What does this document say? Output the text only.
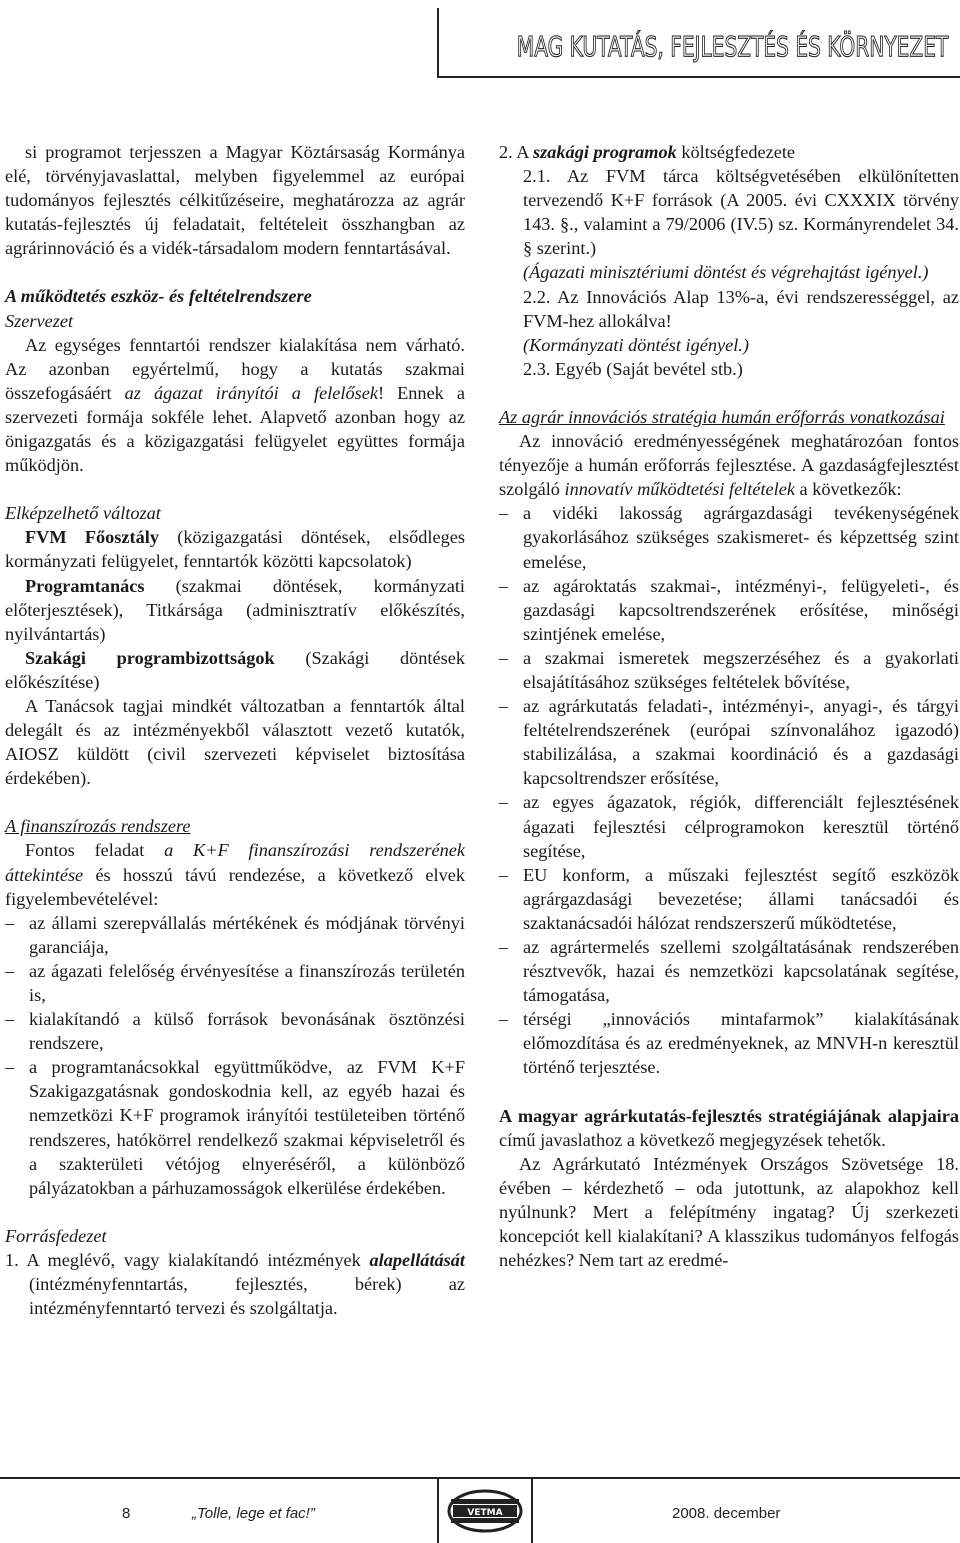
MAG KUTATÁS, FEJLESZTÉS ÉS KÖRNYEZET

si programot terjesszen a Magyar Köztársaság Kormánya elé, törvényjavaslattal, melyben figyelemmel az európai tudományos fejlesztés célkitűzéseire, meghatározza az agrár kutatás-fejlesztés új feladatait, feltételeit összhangban az agrárinnováció és a vidék-társadalom modern fenntartásával.

A működtetés eszköz- és feltételrendszere

Szervezet

Az egységes fenntartói rendszer kialakítása nem várható. Az azonban egyértelmű, hogy a kutatás szakmai összefogásáért az ágazat irányítói a felelősek! Ennek a szervezeti formája sokféle lehet. Alapvető azonban hogy az önigazgatás és a közigazgatási felügyelet együttes formája működjön.

Elképzelhető változat

FVM Főosztály (közigazgatási döntések, elsődleges kormányzati felügyelet, fenntartók közötti kapcsolatok)

Programtanács (szakmai döntések, kormányzati előterjesztések), Titkársága (adminisztratív előkészítés, nyilvántartás)

Szakági programbizottságok (Szakági döntések előkészítése)

A Tanácsok tagjai mindkét változatban a fenntartók által delegált és az intézményekből választott vezető kutatók, AIOSZ küldött (civil szervezeti képviselet biztosítása érdekében).

A finanszírozás rendszere

Fontos feladat a K+F finanszírozási rendszerének áttekintése és hosszú távú rendezése, a következő elvek figyelembevételével:

– az állami szerepvállalás mértékének és módjának törvényi garanciája,

– az ágazati felelőség érvényesítése a finanszírozás területén is,

– kialakítandó a külső források bevonásának ösztönzési rendszere,

– a programtanácsokkal együttműködve, az FVM K+F Szakigazgatásnak gondoskodnia kell, az egyéb hazai és nemzetközi K+F programok irányítói testületeiben történő rendszeres, hatókörrel rendelkező szakmai képviseletről és a szakterületi vétójog elnyeréséről, a különböző pályázatokban a párhuzamosságok elkerülése érdekében.

Forrásfedezet

1. A meglévő, vagy kialakítandó intézmények alapellátását (intézményfenntartás, fejlesztés, bérek) az intézményfenntartó tervezi és szolgáltatja.

2. A szakági programok költségfedezete

2.1. Az FVM tárca költségvetésében elkülönítetten tervezendő K+F források (A 2005. évi CXXXIX törvény 143. §., valamint a 79/2006 (IV.5) sz. Kormányrendelet 34. § szerint.)

(Ágazati minisztériumi döntést és végrehajtást igényel.)

2.2. Az Innovációs Alap 13%-a, évi rendszerességgel, az FVM-hez allokálva!

(Kormányzati döntést igényel.)

2.3. Egyéb (Saját bevétel stb.)

Az agrár innovációs stratégia humán erőforrás vonatkozásai

Az innováció eredményességének meghatározóan fontos tényezője a humán erőforrás fejlesztése. A gazdaságfejlesztést szolgáló innovatív működtetési feltételek a következők:

– a vidéki lakosság agrárgazdasági tevékenységének gyakorlásához szükséges szakismeret- és képzettség szint emelése,

– az agároktatás szakmai-, intézményi-, felügyeleti-, és gazdasági kapcsoltrendszerének erősítése, minőségi szintjének emelése,

– a szakmai ismeretek megszerzéséhez és a gyakorlati elsajátításához szükséges feltételek bővítése,

– az agrárkutatás feladati-, intézményi-, anyagi-, és tárgyi feltételrendszerének (európai színvonalához igazodó) stabilizálása, a szakmai koordináció és a gazdasági kapcsoltrendszer erősítése,

– az egyes ágazatok, régiók, differenciált fejlesztésének ágazati fejlesztési célprogramokon keresztül történő segítése,

– EU konform, a műszaki fejlesztést segítő eszközök agrárgazdasági bevezetése; állami tanácsadói és szaktanácsadói hálózat rendszerszerű működtetése,

– az agrártermelés szellemi szolgáltatásának rendszerében résztvevők, hazai és nemzetközi kapcsolatának segítése, támogatása,

– térségi „innovációs mintafarmok” kialakításának előmozdítása és az eredményeknek, az MNVH-n keresztül történő terjesztése.

A magyar agrárkutatás-fejlesztés stratégiájának alapjaira című javaslathoz a következő megjegyzések tehetők.

Az Agrárkutató Intézmények Országos Szövetsége 18. évében – kérdezhető – oda jutottunk, az alapokhoz kell nyúlnunk? Mert a felépítmény ingatag? Új szerkezeti koncepciót kell kialakítani? A klasszikus tudományos felfogás nehézkes? Nem tart az eredmé-

8	„Tolle, lege et fac!”	2008. december
VETMA
